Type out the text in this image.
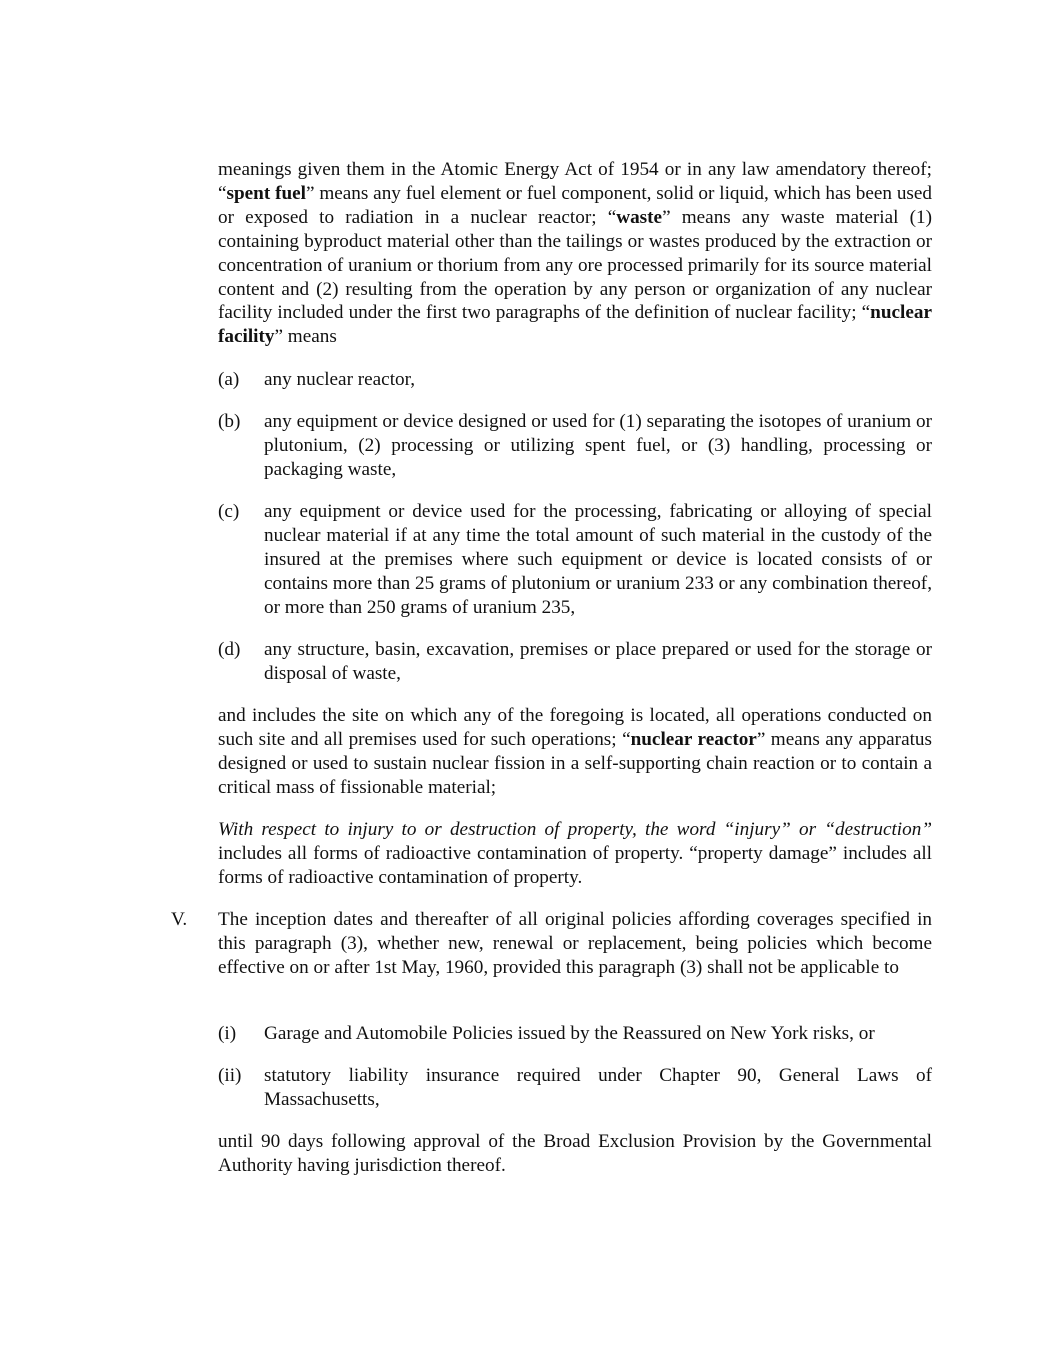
meanings given them in the Atomic Energy Act of 1954 or in any law amendatory thereof; “spent fuel” means any fuel element or fuel component, solid or liquid, which has been used or exposed to radiation in a nuclear reactor; “waste” means any waste material (1) containing byproduct material other than the tailings or wastes produced by the extraction or concentration of uranium or thorium from any ore processed primarily for its source material content and (2) resulting from the operation by any person or organization of any nuclear facility included under the first two paragraphs of the definition of nuclear facility; “nuclear facility” means

(a) any nuclear reactor,

(b) any equipment or device designed or used for (1) separating the isotopes of uranium or plutonium, (2) processing or utilizing spent fuel, or (3) handling, processing or packaging waste,

(c) any equipment or device used for the processing, fabricating or alloying of special nuclear material if at any time the total amount of such material in the custody of the insured at the premises where such equipment or device is located consists of or contains more than 25 grams of plutonium or uranium 233 or any combination thereof, or more than 250 grams of uranium 235,

(d) any structure, basin, excavation, premises or place prepared or used for the storage or disposal of waste,

and includes the site on which any of the foregoing is located, all operations conducted on such site and all premises used for such operations; “nuclear reactor” means any apparatus designed or used to sustain nuclear fission in a self-supporting chain reaction or to contain a critical mass of fissionable material;

With respect to injury to or destruction of property, the word “injury” or “destruction” includes all forms of radioactive contamination of property. “property damage” includes all forms of radioactive contamination of property.

V. The inception dates and thereafter of all original policies affording coverages specified in this paragraph (3), whether new, renewal or replacement, being policies which become effective on or after 1st May, 1960, provided this paragraph (3) shall not be applicable to

(i) Garage and Automobile Policies issued by the Reassured on New York risks, or

(ii) statutory liability insurance required under Chapter 90, General Laws of Massachusetts,

until 90 days following approval of the Broad Exclusion Provision by the Governmental Authority having jurisdiction thereof.
